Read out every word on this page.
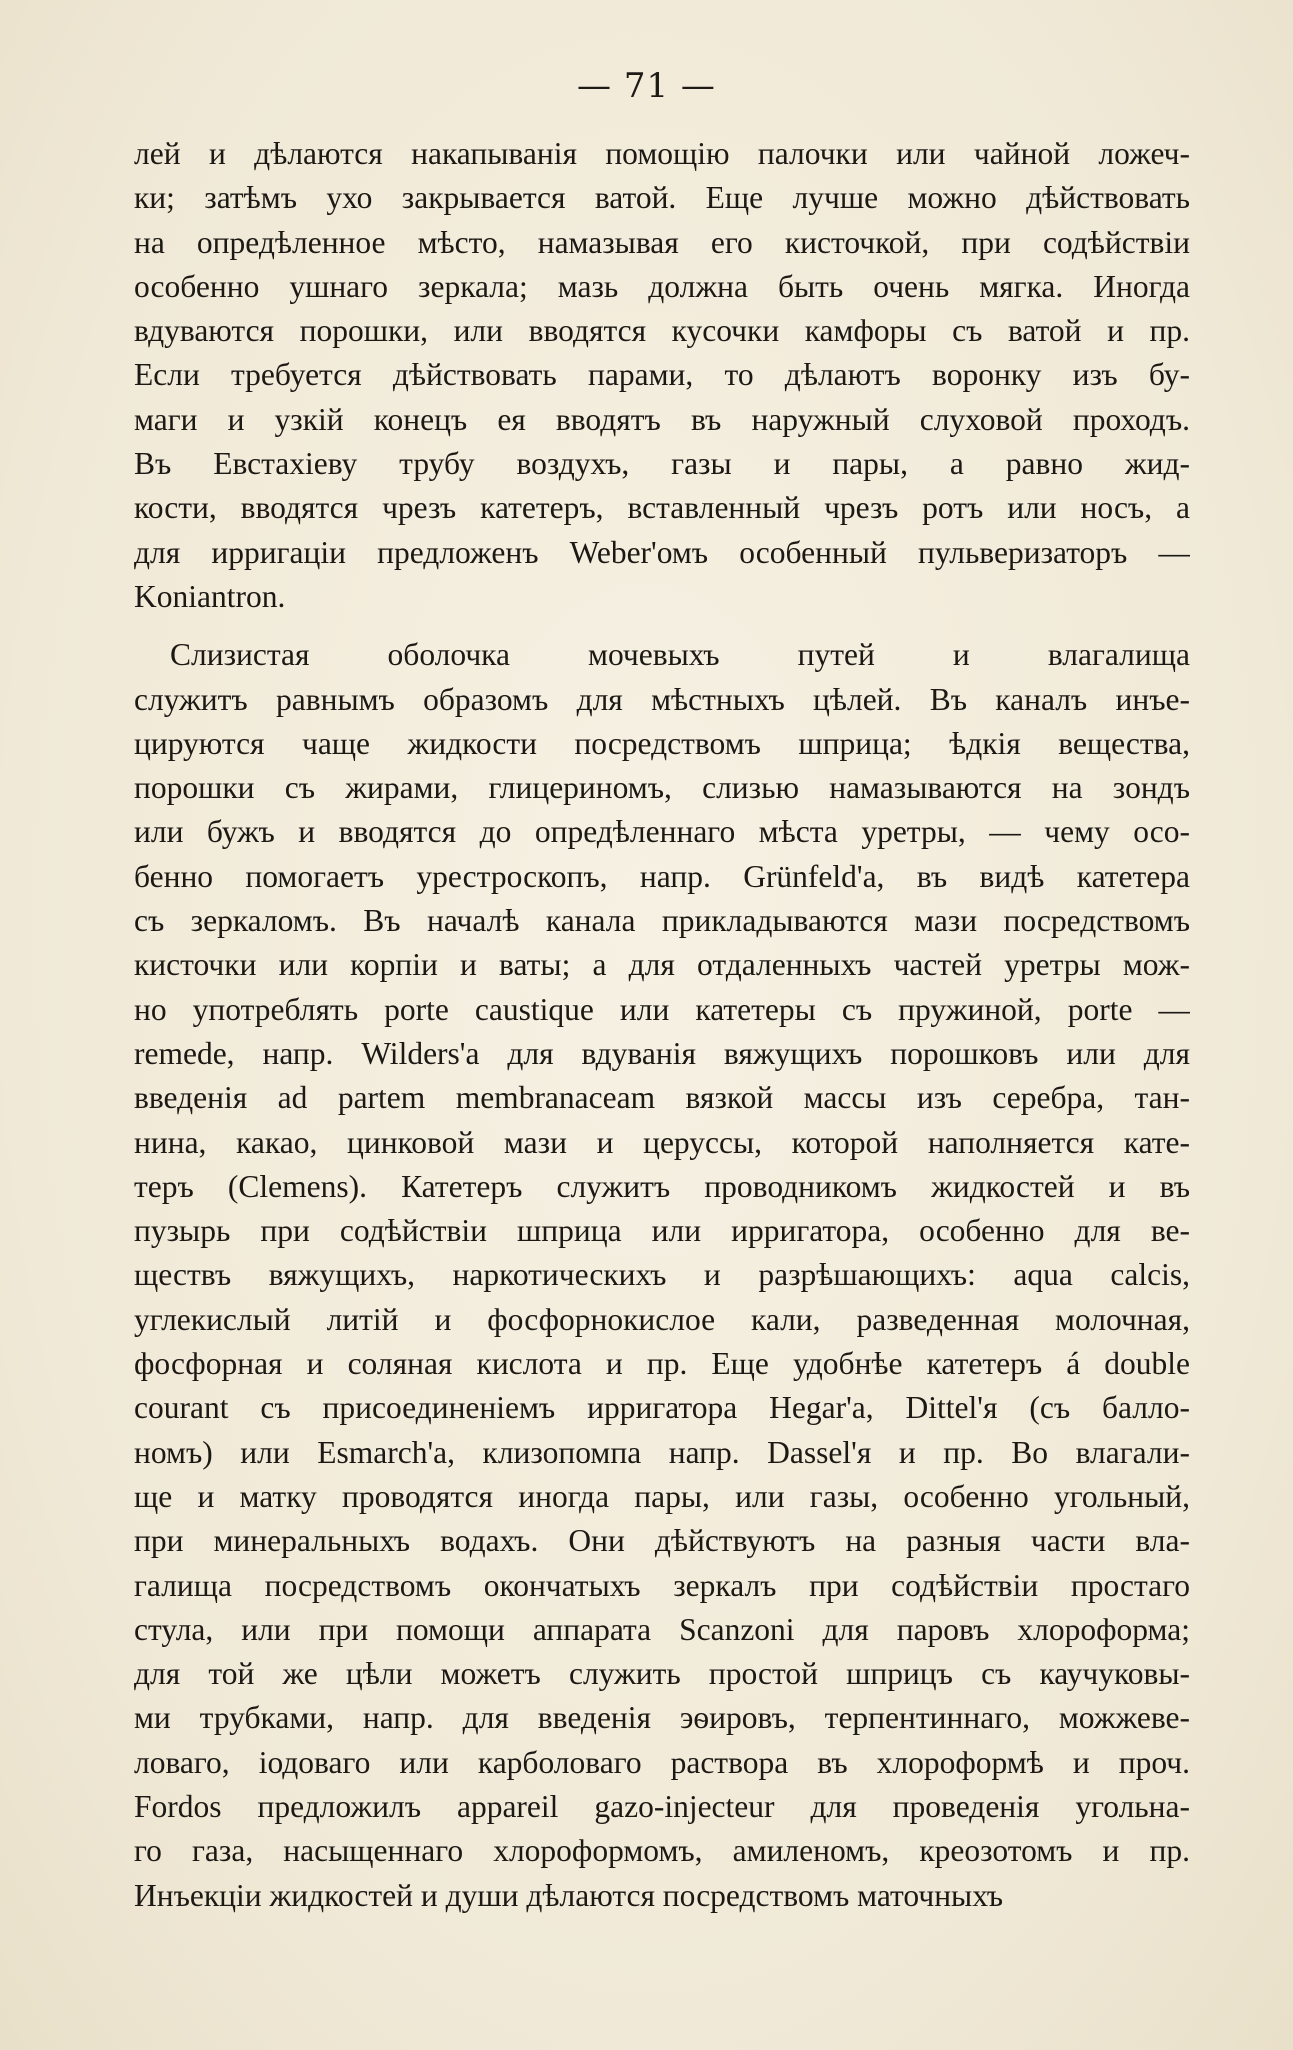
— 71 —
лей и дѣлаются накапыванія помощію палочки или чайной ложеч-
ки; затѣмъ ухо закрывается ватой. Еще лучше можно дѣйствовать
на опредѣленное мѣсто, намазывая его кисточкой, при содѣйствіи
особенно ушнаго зеркала; мазь должна быть очень мягка. Иногда
вдуваются порошки, или вводятся кусочки камфоры съ ватой и пр.
Если требуется дѣйствовать парами, то дѣлаютъ воронку изъ бу-
маги и узкій конецъ ея вводятъ въ наружный слуховой проходъ.
Въ Евстахіеву трубу воздухъ, газы и пары, а равно жид-
кости, вводятся чрезъ катетеръ, вставленный чрезъ ротъ или носъ, а
для ирригаціи предложенъ Weber'омъ особенный пульверизаторъ —
Koniantron.
Слизистая оболочка мочевыхъ путей и влагалища
служитъ равнымъ образомъ для мѣстныхъ цѣлей. Въ каналъ инъе-
цируются чаще жидкости посредствомъ шприца; ѣдкія вещества,
порошки съ жирами, глицериномъ, слизью намазываются на зондъ
или бужъ и вводятся до опредѣленнаго мѣста уретры, — чему осо-
бенно помогаетъ урестроскопъ, напр. Grünfeld'а, въ видѣ катетера
съ зеркаломъ. Въ началѣ канала прикладываются мази посредствомъ
кисточки или корпіи и ваты; а для отдаленныхъ частей уретры мож-
но употреблять porte caustique или катетеры съ пружиной, porte —
remede, напр. Wilders'а для вдуванія вяжущихъ порошковъ или для
введенія ad partem membranaceam вязкой массы изъ серебра, тан-
нина, какао, цинковой мази и церуссы, которой наполняется кате-
теръ (Clemens). Катетеръ служитъ проводникомъ жидкостей и въ
пузырь при содѣйствіи шприца или ирригатора, особенно для ве-
ществъ вяжущихъ, наркотическихъ и разрѣшающихъ: aqua calcis,
углекислый литій и фосфорнокислое кали, разведенная молочная,
фосфорная и соляная кислота и пр. Еще удобнѣе катетеръ á double
courant съ присоединеніемъ ирригатора Hegar'а, Dittel'я (съ балло-
номъ) или Esmarch'а, клизопомпа напр. Dassel'я и пр. Во влагали-
ще и матку проводятся иногда пары, или газы, особенно угольный,
при минеральныхъ водахъ. Они дѣйствуютъ на разныя части вла-
галища посредствомъ окончатыхъ зеркалъ при содѣйствіи простаго
стула, или при помощи аппарата Scanzoni для паровъ хлороформа;
для той же цѣли можетъ служить простой шприцъ съ каучуковы-
ми трубками, напр. для введенія эѳировъ, терпентиннаго, можжеве-
ловаго, іодоваго или карболоваго раствора въ хлороформѣ и проч.
Fordos предложилъ appareil gazo-injecteur для проведенія угольна-
го газа, насыщеннаго хлороформомъ, амиленомъ, креозотомъ и пр.
Инъекціи жидкостей и души дѣлаются посредствомъ маточныхъ
